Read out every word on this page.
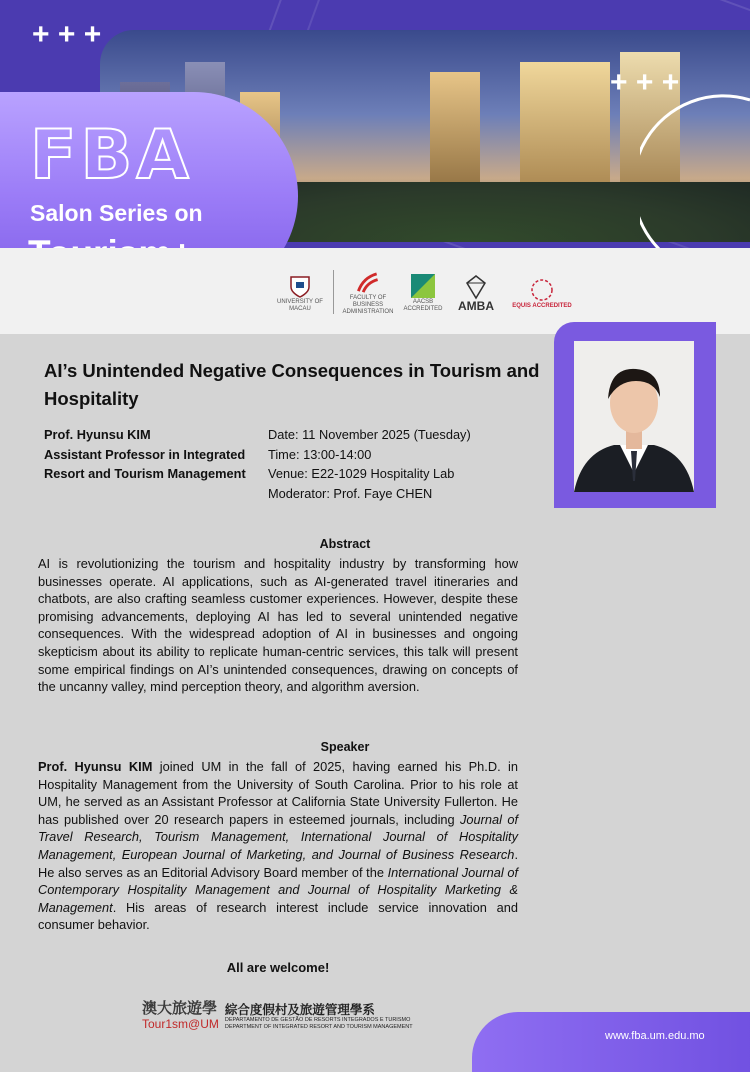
+ + +
+ + +
FBA
Salon Series on
UNIVERSITY OF MACAU
FACULTY OF BUSINESS ADMINISTRATION
AACSB ACCREDITED AMBA	EQUIS ACCREDITED
AI’s Unintended Negative Consequences in Tourism and Hospitality
Prof. Hyunsu KIM
Assistant Professor in Integrated Resort and Tourism Management
Date: 11 November 2025 (Tuesday)
Time: 13:00-14:00
Venue: E22-1029 Hospitality Lab
Moderator: Prof. Faye CHEN
Abstract
AI is revolutionizing the tourism and hospitality industry by transforming how businesses operate. AI applications, such as AI-generated travel itineraries and chatbots, are also crafting seamless customer experiences. However, despite these promising advancements, deploying AI has led to several unintended negative consequences. With the widespread adoption of AI in businesses and ongoing skepticism about its ability to replicate human-centric services, this talk will present some empirical findings on AI’s unintended consequences, drawing on concepts of the uncanny valley, mind perception theory, and algorithm aversion.
Speaker
Prof. Hyunsu KIM joined UM in the fall of 2025, having earned his Ph.D. in Hospitality Management from the University of South Carolina. Prior to his role at UM, he served as an Assistant Professor at California State University Fullerton. He has published over 20 research papers in esteemed journals, including Journal of Travel Research, Tourism Management, International Journal of Hospitality Management, European Journal of Marketing, and Journal of Business Research. He also serves as an Editorial Advisory Board member of the International Journal of Contemporary Hospitality Management and Journal of Hospitality Marketing & Management. His areas of research interest include service innovation and consumer behavior.
All are welcome!
澳大旅遊學
Tour1sm@UM
綜合度假村及旅遊管理學系
DEPARTAMENTO DE GESTÃO DE RESORTS INTEGRADOS E TURISMO
DEPARTMENT OF INTEGRATED RESORT AND TOURISM MANAGEMENT
www.fba.um.edu.mo
